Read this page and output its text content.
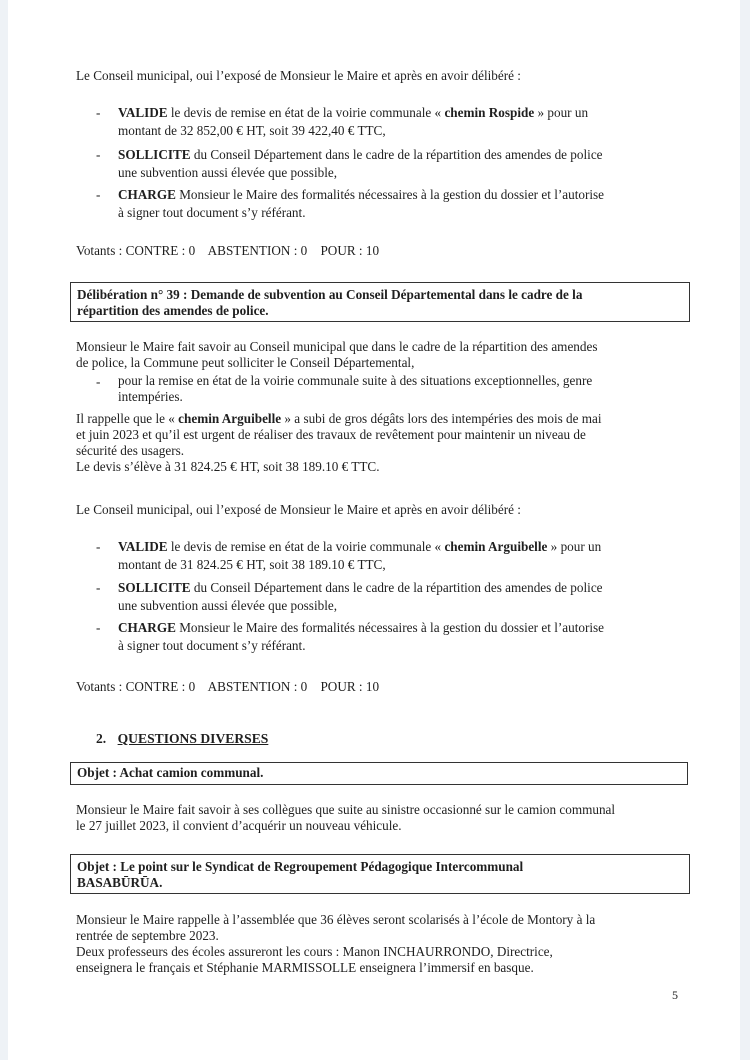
Le Conseil municipal, oui l’exposé de Monsieur le Maire et après en avoir délibéré :

- VALIDE le devis de remise en état de la voirie communale « chemin Rospide » pour un
montant de 32 852,00 € HT, soit 39 422,40 € TTC,

- SOLLICITE du Conseil Département dans le cadre de la répartition des amendes de police
une subvention aussi élevée que possible,

- CHARGE Monsieur le Maire des formalités nécessaires à la gestion du dossier et l’autorise
à signer tout document s’y référant.

Votants : CONTRE : 0    ABSTENTION : 0    POUR : 10

Délibération n° 39 : Demande de subvention au Conseil Départemental dans le cadre de la
répartition des amendes de police.

Monsieur le Maire fait savoir au Conseil municipal que dans le cadre de la répartition des amendes
de police, la Commune peut solliciter le Conseil Départemental,

- pour la remise en état de la voirie communale suite à des situations exceptionnelles, genre
intempéries.

Il rappelle que le « chemin Arguibelle » a subi de gros dégâts lors des intempéries des mois de mai
et juin 2023 et qu’il est urgent de réaliser des travaux de revêtement pour maintenir un niveau de
sécurité des usagers.
Le devis s’élève à 31 824.25 € HT, soit 38 189.10 € TTC.

Le Conseil municipal, oui l’exposé de Monsieur le Maire et après en avoir délibéré :

- VALIDE le devis de remise en état de la voirie communale « chemin Arguibelle » pour un
montant de 31 824.25 € HT, soit 38 189.10 € TTC,

- SOLLICITE du Conseil Département dans le cadre de la répartition des amendes de police
une subvention aussi élevée que possible,

- CHARGE Monsieur le Maire des formalités nécessaires à la gestion du dossier et l’autorise
à signer tout document s’y référant.

Votants : CONTRE : 0    ABSTENTION : 0    POUR : 10

2. QUESTIONS DIVERSES
Objet : Achat camion communal.

Monsieur le Maire fait savoir à ses collègues que suite au sinistre occasionné sur le camion communal
le 27 juillet 2023, il convient d’acquérir un nouveau véhicule.

Objet : Le point sur le Syndicat de Regroupement Pédagogique Intercommunal
BASABŪRŪA.

Monsieur le Maire rappelle à l’assemblée que 36 élèves seront scolarisés à l’école de Montory à la
rentrée de septembre 2023.
Deux professeurs des écoles assureront les cours : Manon INCHAURRONDO, Directrice,
enseignera le français et Stéphanie MARMISSOLLE enseignera l’immersif en basque.

5
